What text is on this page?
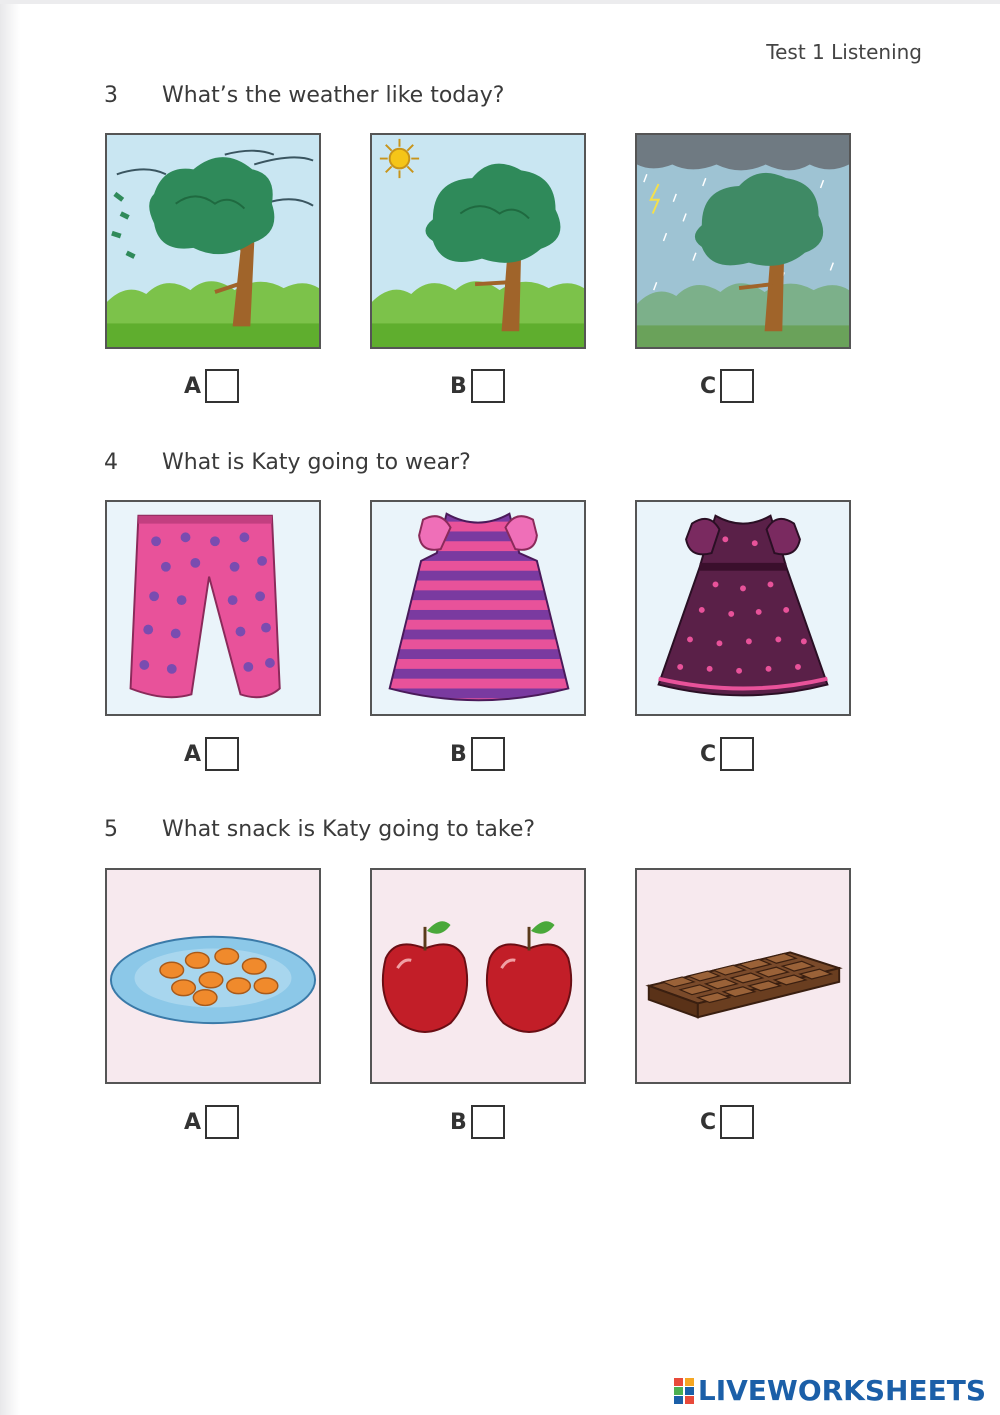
Test 1 Listening
3 What’s the weather like today?
A	B	C
4 What is Katy going to wear?
A	B	C
5 What snack is Katy going to take?
A	B	C
LIVEWORKSHEETS
